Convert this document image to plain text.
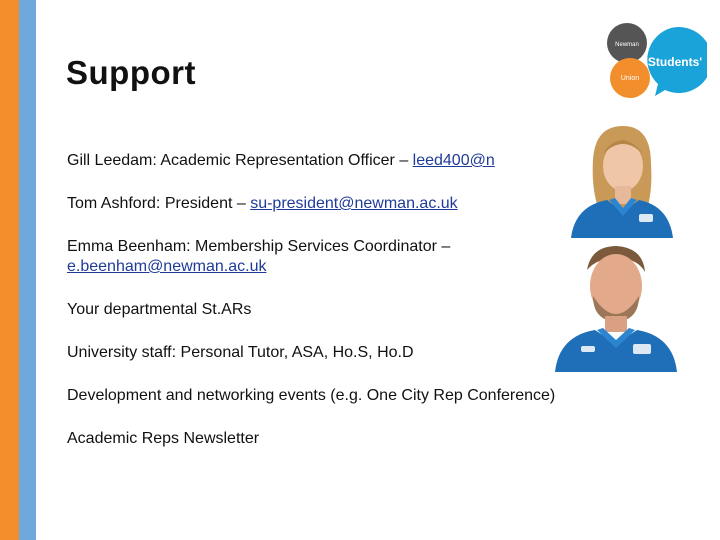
Support
Newman
Union
Students'
Gill Leedam: Academic Representation Officer – leed400@n
Tom Ashford: President – su-president@newman.ac.uk
Emma Beenham: Membership Services Coordinator –
e.beenham@newman.ac.uk
Your departmental St.ARs
University staff: Personal Tutor, ASA, Ho.S, Ho.D
Development and networking events (e.g. One City Rep Conference)
Academic Reps Newsletter
